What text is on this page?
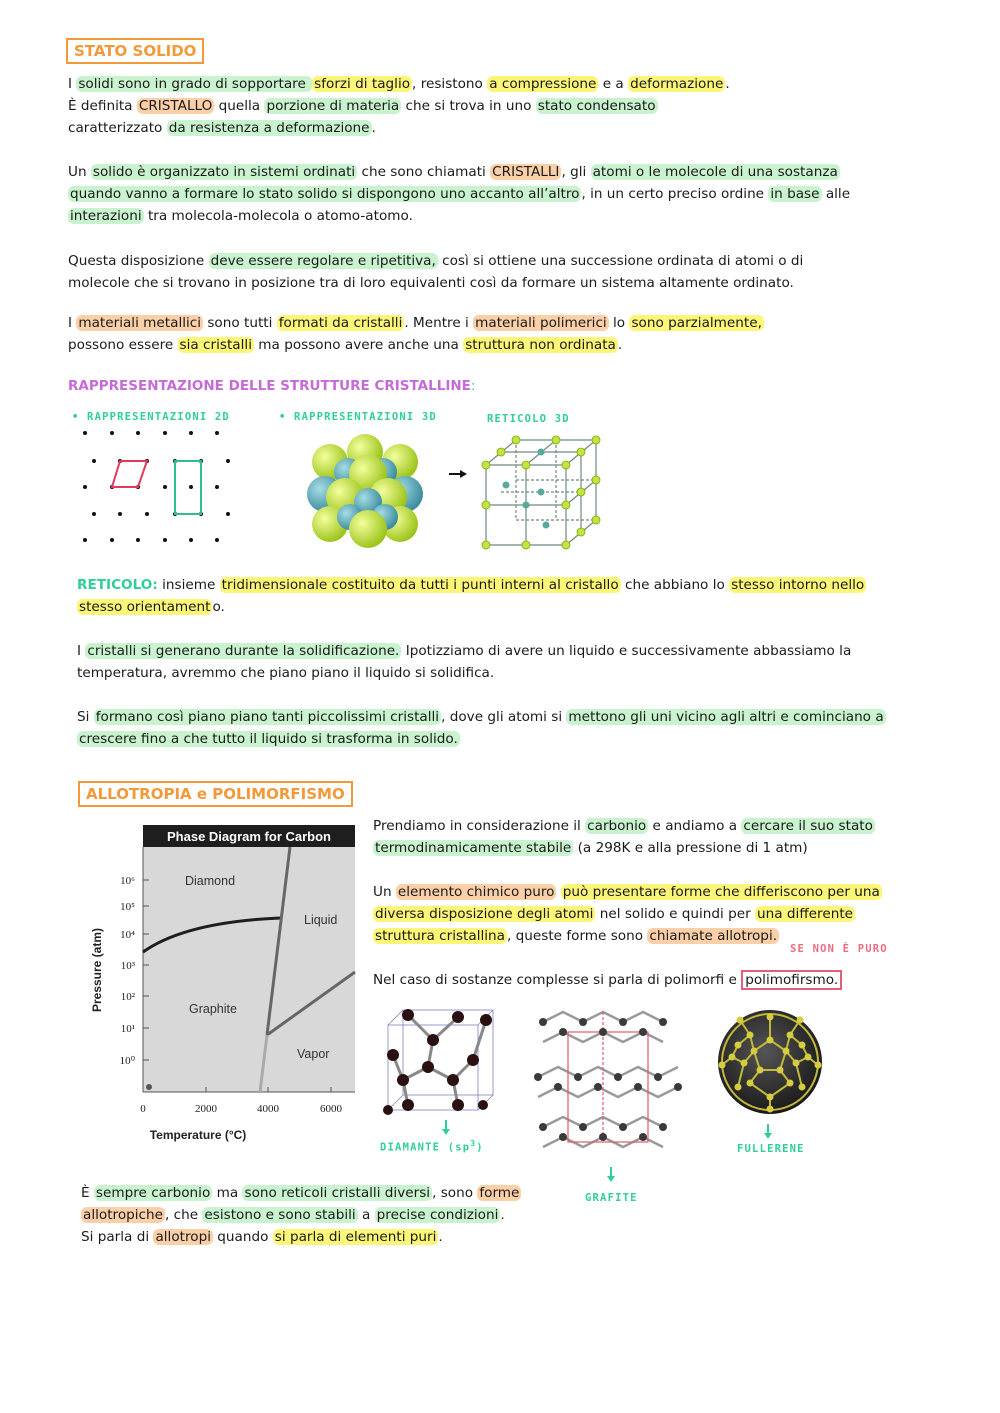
STATO SOLIDO
I solidi sono in grado di sopportare sforzi di taglio , resistono a compressione e a deformazione .
È definita CRISTALLO quella porzione di materia che si trova in uno stato condensato
caratterizzato da resistenza a deformazione .
Un solido è organizzato in sistemi ordinati che sono chiamati CRISTALLI , gli atomi o le molecole di una sostanza
quando vanno a formare lo stato solido si dispongono uno accanto all’altro , in un certo preciso ordine in base alle
interazioni tra molecola-molecola o atomo-atomo.
Questa disposizione deve essere regolare e ripetitiva, così si ottiene una successione ordinata di atomi o di
molecole che si trovano in posizione tra di loro equivalenti così da formare un sistema altamente ordinato.
I materiali metallici sono tutti formati da cristalli . Mentre i materiali polimerici lo sono parzialmente,
possono essere sia cristalli ma possono avere anche una struttura non ordinata .
RAPPRESENTAZIONE DELLE STRUTTURE CRISTALLINE:
• RAPPRESENTAZIONI 2D	• RAPPRESENTAZIONI 3D	RETICOLO 3D
RETICOLO: insieme tridimensionale costituito da tutti i punti interni al cristallo che abbiano lo stesso intorno nello
stesso orientament o.
I cristalli si generano durante la solidificazione. Ipotizziamo di avere un liquido e successivamente abbassiamo la
temperatura, avremmo che piano piano il liquido si solidifica.
Si formano così piano piano tanti piccolissimi cristalli , dove gli atomi si mettono gli uni vicino agli altri e cominciano a
crescere fino a che tutto il liquido si trasforma in solido.
ALLOTROPIA e POLIMORFISMO
Phase Diagram for Carbon
10⁶
10⁵
10⁴
10³
10²
10¹
10⁰
0	2000	4000	6000
Diamond
Liquid
Graphite
Vapor
Temperature (°C)
Pressure (atm)
Prendiamo in considerazione il carbonio e andiamo a cercare il suo stato
termodinamicamente stabile (a 298K e alla pressione di 1 atm)
Un elemento chimico puro può presentare forme che differiscono per una
diversa disposizione degli atomi nel solido e quindi per una differente
struttura cristallina , queste forme sono chiamate allotropi.
SE NON È PURO
Nel caso di sostanze complesse si parla di polimorfi e polimofirsmo.
DIAMANTE $(sp^3)$
GRAFITE
FULLERENE
È sempre carbonio ma sono reticoli cristalli diversi , sono forme
allotropiche , che esistono e sono stabili a precise condizioni .
Si parla di allotropi quando si parla di elementi puri .
